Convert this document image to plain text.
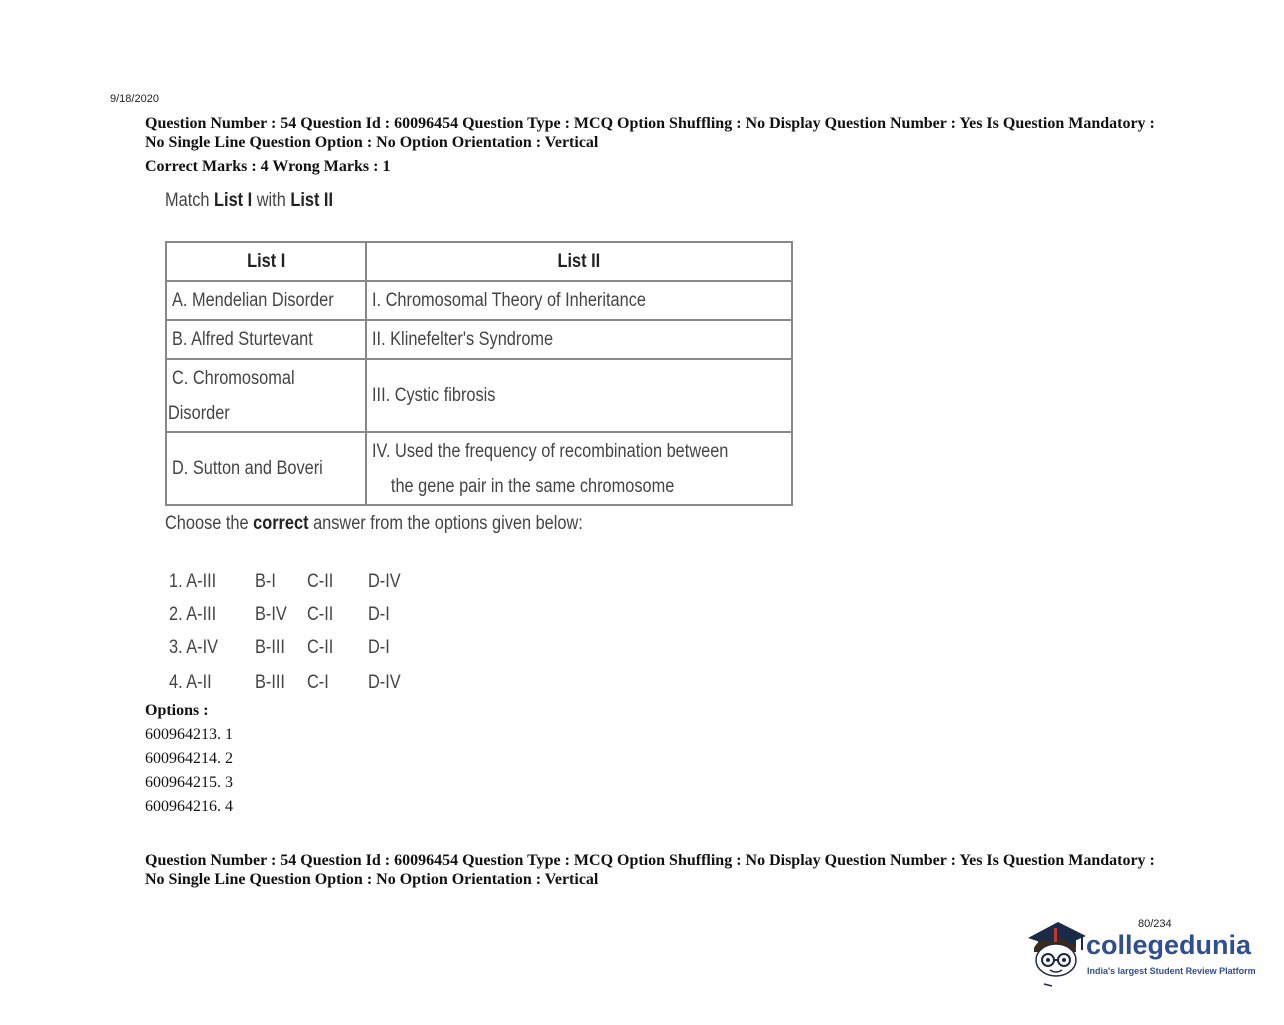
9/18/2020
Question Number : 54 Question Id : 60096454 Question Type : MCQ Option Shuffling : No Display Question Number : Yes Is Question Mandatory : No Single Line Question Option : No Option Orientation : Vertical
Correct Marks : 4 Wrong Marks : 1
Match List I with List II
List I	List II
A. Mendelian Disorder	I. Chromosomal Theory of Inheritance
B. Alfred Sturtevant	II. Klinefelter's Syndrome
C. Chromosomal
Disorder	III. Cystic fibrosis
D. Sutton and Boveri	IV. Used the frequency of recombination between
the gene pair in the same chromosome
Choose the correct answer from the options given below:
1. A-III B-I C-II D-IV
2. A-III B-IV C-II D-I
3. A-IV B-III C-II D-I
4. A-II B-III C-I D-IV
Options :
600964213. 1
600964214. 2
600964215. 3
600964216. 4
Question Number : 54 Question Id : 60096454 Question Type : MCQ Option Shuffling : No Display Question Number : Yes Is Question Mandatory : No Single Line Question Option : No Option Orientation : Vertical
80/234
collegedunia
India's largest Student Review Platform
